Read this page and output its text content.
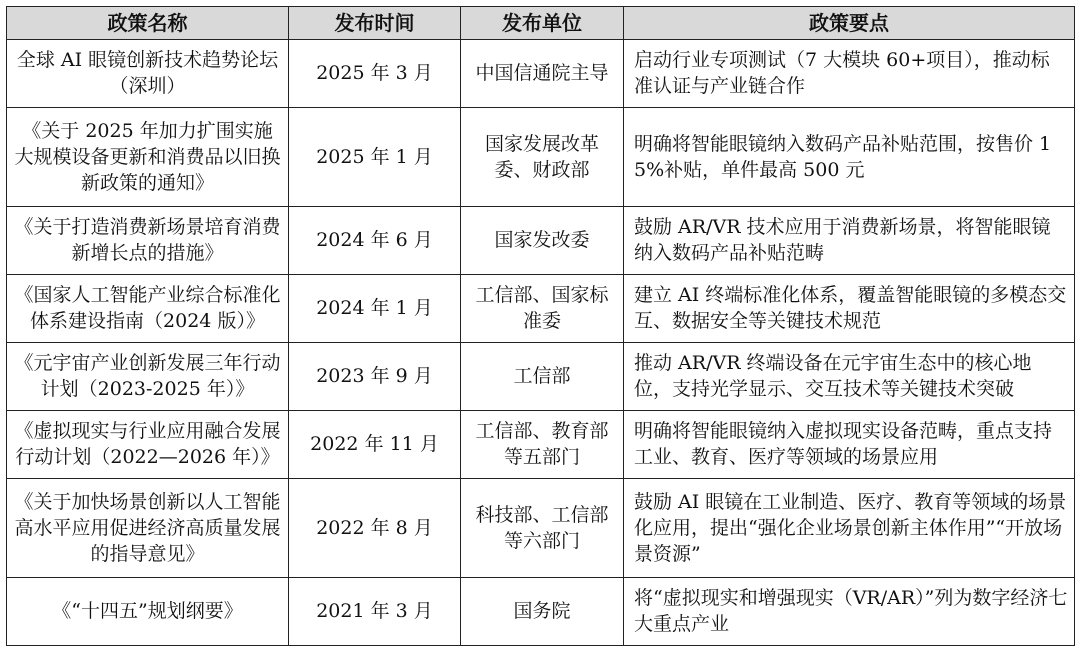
政策名称	发布时间	发布单位	政策要点
全球 AI 眼镜创新技术趋势论坛（深圳）	2025 年 3 月	中国信通院主导	启动行业专项测试（7 大模块 60+项目），推动标准认证与产业链合作
《关于 2025 年加力扩围实施大规模设备更新和消费品以旧换新政策的通知》	2025 年 1 月	国家发展改革委、财政部	明确将智能眼镜纳入数码产品补贴范围，按售价 15%补贴，单件最高 500 元
《关于打造消费新场景培育消费新增长点的措施》	2024 年 6 月	国家发改委	鼓励 AR/VR 技术应用于消费新场景，将智能眼镜纳入数码产品补贴范畴
《国家人工智能产业综合标准化体系建设指南（2024 版）》	2024 年 1 月	工信部、国家标准委	建立 AI 终端标准化体系，覆盖智能眼镜的多模态交互、数据安全等关键技术规范
《元宇宙产业创新发展三年行动计划（2023-2025 年）》	2023 年 9 月	工信部	推动 AR/VR 终端设备在元宇宙生态中的核心地位，支持光学显示、交互技术等关键技术突破
《虚拟现实与行业应用融合发展行动计划（2022—2026 年）》	2022 年 11 月	工信部、教育部等五部门	明确将智能眼镜纳入虚拟现实设备范畴，重点支持工业、教育、医疗等领域的场景应用
《关于加快场景创新以人工智能高水平应用促进经济高质量发展的指导意见》	2022 年 8 月	科技部、工信部等六部门	鼓励 AI 眼镜在工业制造、医疗、教育等领域的场景化应用，提出“强化企业场景创新主体作用”“开放场景资源”
《“十四五”规划纲要》	2021 年 3 月	国务院	将“虚拟现实和增强现实（VR/AR）”列为数字经济七大重点产业
